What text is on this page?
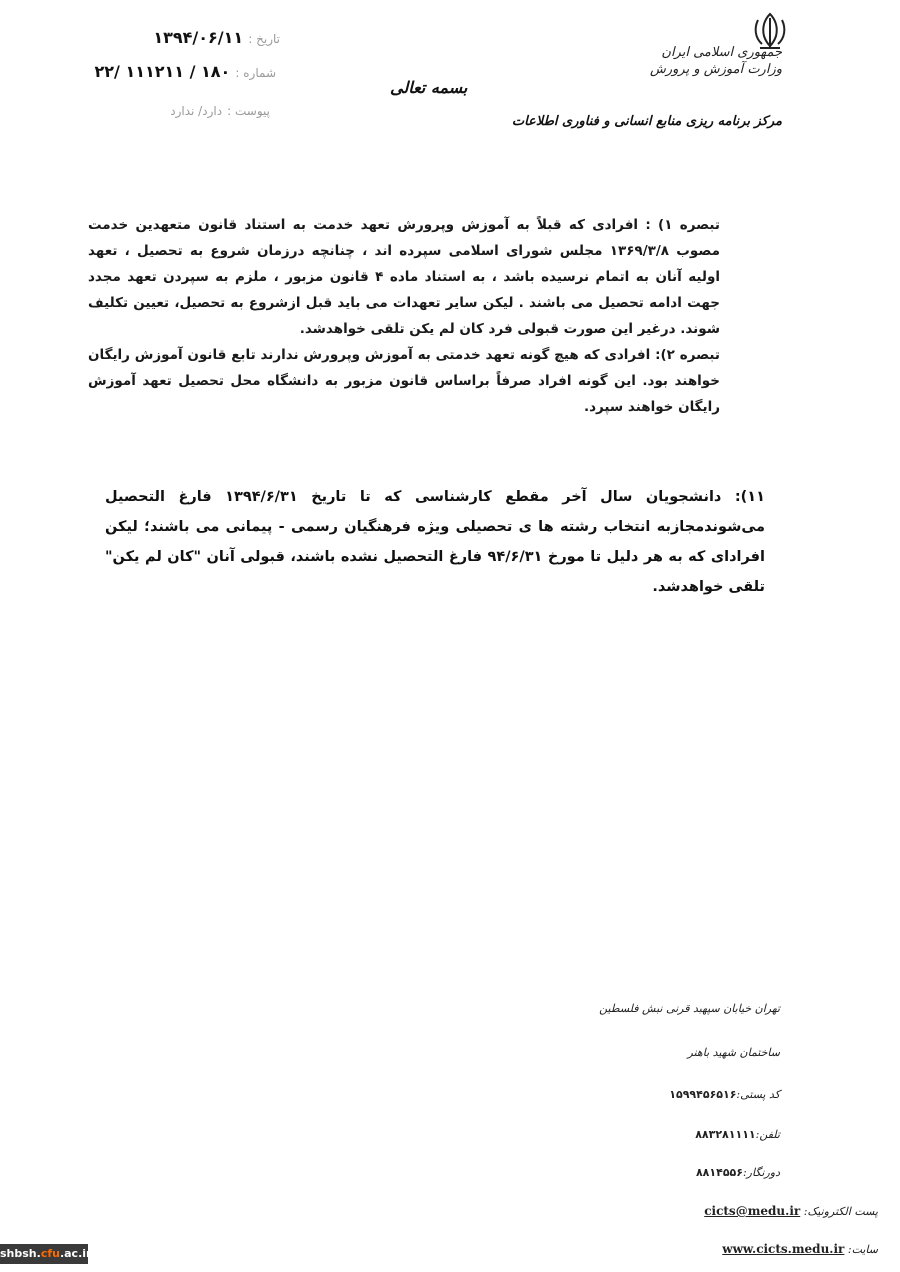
جمهوری اسلامی ایران
وزارت آموزش و پرورش
مرکز برنامه ریزی منابع انسانی و فناوری اطلاعات
بسمه تعالی
تاریخ : ۱۳۹۴/۰۶/۱۱
شماره : ۱۸۰ / ۱۱۱۲۱۱ /۲۲
پیوست : دارد/ ندارد

تبصره ۱) : افرادی که قبلاً به آموزش وپرورش تعهد خدمت به استناد قانون متعهدین خدمت مصوب ۱۳۶۹/۳/۸ مجلس شورای اسلامی سپرده اند ، چنانچه درزمان شروع به تحصیل ، تعهد اولیه آنان به اتمام نرسیده باشد ، به استناد ماده ۴ قانون مزبور ، ملزم به سپردن تعهد مجدد جهت ادامه تحصیل می باشند . لیکن سایر تعهدات می باید قبل ازشروع به تحصیل، تعیین تکلیف شوند. درغیر این صورت قبولی فرد کان لم یکن تلقی خواهدشد.

تبصره ۲): افرادی که هیچ گونه تعهد خدمتی به آموزش وپرورش ندارند تابع قانون آموزش رایگان خواهند بود. این گونه افراد صرفاً براساس قانون مزبور به دانشگاه محل تحصیل تعهد آموزش رایگان خواهند سپرد.

۱۱): دانشجویان سال آخر مقطع کارشناسی که تا تاریخ ۱۳۹۴/۶/۳۱ فارغ التحصیل می‌شوندمجازبه انتخاب رشته ها ی تحصیلی ویژه فرهنگیان رسمی - پیمانی می باشند؛ لیکن افرادای که به هر دلیل تا مورخ ۹۴/۶/۳۱ فارغ التحصیل نشده باشند، قبولی آنان "کان لم یکن" تلقی خواهدشد.
تهران خیابان سپهبد قرنی نبش فلسطین
ساختمان شهید باهنر
کد پستی:۱۵۹۹۴۵۶۵۱۶
تلفن:۸۸۳۲۸۱۱۱۱
دورنگار:۸۸۱۴۵۵۶
پست الکترونیک: cicts@medu.ir
سایت: www.cicts.medu.ir
shbsh.cfu.ac.ir
